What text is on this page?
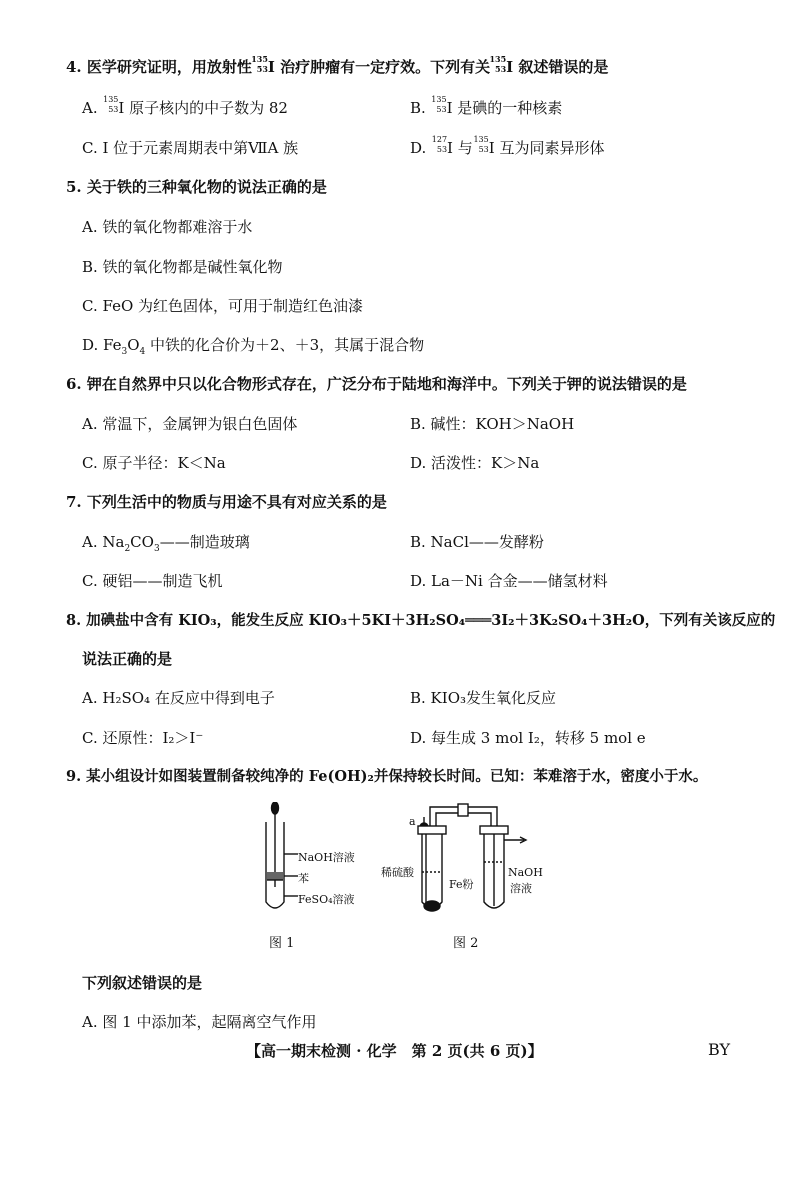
4. 医学研究证明，用放射性 135
53 I 治疗肿瘤有一定疗效。下列有关 135
53 I 叙述错误的是
A. 135
53 I 原子核内的中子数为 82	B. 135
53 I 是碘的一种核素
C. I 位于元素周期表中第ⅦA 族	D. 127
53 I 与 135
53 I 互为同素异形体
5. 关于铁的三种氧化物的说法正确的是
A. 铁的氧化物都难溶于水
B. 铁的氧化物都是碱性氧化物
C. FeO 为红色固体，可用于制造红色油漆
D. $Fe_3O_4$ 中铁的化合价为＋2、＋3，其属于混合物
6. 钾在自然界中只以化合物形式存在，广泛分布于陆地和海洋中。下列关于钾的说法错误的是
A. 常温下，金属钾为银白色固体	B. 碱性：KOH＞NaOH
C. 原子半径：K＜Na	D. 活泼性：K＞Na
7. 下列生活中的物质与用途不具有对应关系的是
A. $Na_2CO_3——$制造玻璃	B. NaCl——发酵粉
C. 硬铝——制造飞机	D. La－Ni 合金——储氢材料
8. 加碘盐中含有 KIO₃，能发生反应 KIO₃＋5KI＋3H₂SO₄═══3I₂＋3K₂SO₄＋3H₂O，下列有关该反应的
说法正确的是
A. H₂SO₄ 在反应中得到电子	B. KIO₃发生氧化反应
C. 还原性：I₂＞I⁻	D. 每生成 3 mol I₂，转移 5 mol e
9. 某小组设计如图装置制备较纯净的 Fe(OH)₂并保持较长时间。已知：苯难溶于水，密度小于水。
NaOH溶液
苯
FeSO₄溶液
a
稀硫酸
Fe粉
NaOH
溶液
图 1	图 2
下列叙述错误的是
A. 图 1 中添加苯，起隔离空气作用
【高一期末检测 · 化学　第 2 页(共 6 页)】	BY
